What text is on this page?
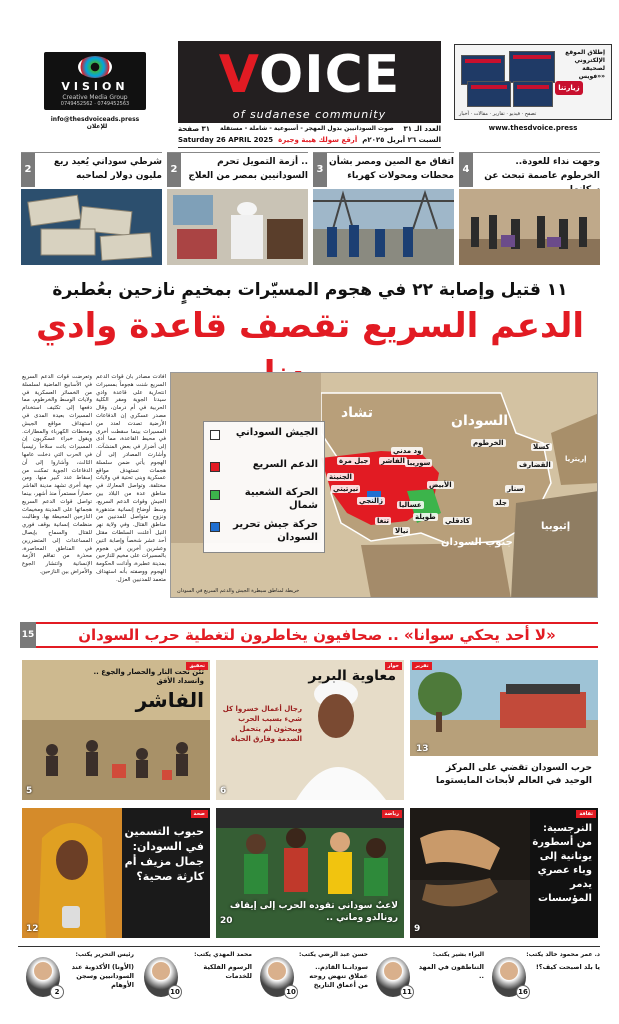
زيارتنا
إطلاق الموقع الإلكتروني لصحيفة «فويس»
تصفح · فيديو · تقارير · مقالات · أخبار
www.thesdvoice.press
VOICE
of sudanese community
VISION
Creative Media Group
0749452562 · 0749452563
info@thesdvoiceads.press للإعلان	٣١ صفحة صوت السودانيين بدول المهجر - أسبوعية - شاملة - مستقلة العدد الـ ٣١
Saturday 26 APRIL 2025 أرقع سولك هيبة وجيرة السبت ٢٦ أبريل ٢٠٢٥م
4
وجهت نداء للعودة.. الخرطوم عاصمة تبحث عن
3
اتفاق مع الصين ومصر بشأن محطات ومحولات كهرباء
2
.. أزمة التمويل تحرم السودانيين بمصر من العلاج
2
شرطي سوداني يُعيد ربع مليون دولار لصاحبه
١١ قتيل وإصابة ٢٢ في هجوم المسيّرات بمخيمٍ نازحين بعُطبرة
الدعم السريع تقصف قاعدة وادي
تشاد	السودان
جنوب السودان
إثيوبيا
إريتريا
الخرطوم	كسلا
القضارف
سنار
جلد
الأبيض
كادقلي
نيالا
الفاشر
ود مدني
سوريبا
الجنينة
عساليا
طويلة
زالنجي
جبل مرة
نيرتيتي
تنغا
الجيش السوداني
الدعم السريع
الحركة الشعبية شمال
حركة جيش تحرير السودان
خريطة لمناطق سيطرة الجيش والدعم السريع في السودان
أفادت مصادر بأن قوات الدعم السريع شنت هجوماً بمسيرات انتحارية على قاعدة وادي سيدنا الجوية ومقر الكلية الحربية في أم درمان، وقال مصدر عسكري إن الدفاعات الأرضية تصدت لعدد من المسيرات بينما سقطت أخرى في محيط القاعدة، مما أدى إلى أضرار في بعض المنشآت. وأشارت المصادر إلى أن الهجوم يأتي ضمن سلسلة هجمات تستهدف مواقع عسكرية وبنى تحتية في ولايات مختلفة. وتواصل المعارك في مناطق عدة من البلاد بين الجيش وقوات الدعم السريع، وسط أوضاع إنسانية متدهورة ونزوح متواصل للمدنيين من مناطق القتال. وفي ولاية نهر النيل أعلنت السلطات مقتل أحد عشر شخصاً وإصابة اثنين وعشرين آخرين في هجوم بالمسيرات على مخيم للنازحين بمدينة عطبرة، وأدانت الحكومة الهجوم ووصفته بأنه استهداف متعمد للمدنيين العزل.
وتعرضت قوات الدعم السريع في الأسابيع الماضية لسلسلة من الخسائر العسكرية في ولايات الوسط والخرطوم، مما دفعها إلى تكثيف استخدام المسيرات بعيدة المدى في استهداف مواقع الجيش ومحطات الكهرباء والمطارات. ويقول خبراء عسكريون إن المسيرات باتت سلاحاً رئيسياً في الحرب التي دخلت عامها الثالث، وأشاروا إلى أن الدفاعات الجوية تمكنت من إسقاط عدد كبير منها. ومن جهة أخرى تشهد مدينة الفاشر حصاراً مستمراً منذ أشهر، بينما تواصل قوات الدعم السريع هجماتها على المدينة ومخيمات النازحين المحيطة بها. وطالبت منظمات إنسانية بوقف فوري للقتال والسماح بإيصال المساعدات إلى المتضررين في المناطق المحاصرة، محذرة من تفاقم الأزمة الإنسانية وانتشار الجوع والأمراض بين النازحين.
15	«لا أحد يحكي سوانا» .. صحافيون يخاطرون لتغطية حرب السودان
تحقيق
تئن تحت النار والحصار والجوع .. وانسداد الأفق
الفاشر
5
حوار
معاوية البرير
رجال أعمال خسروا كل شيء بسبب الحرب ويبحثون لم يتحمل الصدمة وفارق الحياة
6
تقرير
13
حرب السودان تقضي على المركز الوحيد في العالم لأبحاث المايستوما
صحة
حبوب التسمين في السودان: جمال مزيف أم كارثة صحية؟
12
رياضة
لاعبٌ سوداني تقوده الحرب إلى إيقاف رونالدو وماني ..
20
ثقافة
النرجسية: من أسطورة يونانية إلى وباء عصري يدمر المؤسسات
9
16
د. عمر محمود خالد يكتب:
يا بلد اصبحت كيف؟!
11
البراء بشير يكتب:
التناطقون في المهد ..
10
حسن عبد الرضي يكتب:
سودانـنا القادم.. عملاق تنهض روحه من أعماق التاريخ
10
محمد المهدي يكتب:
الرسوم الفلكية للخدمات
2
رئيس التحرير يكتب:
(الأونا) الأكذوبة عند السودانيين وسجن الأوهام
